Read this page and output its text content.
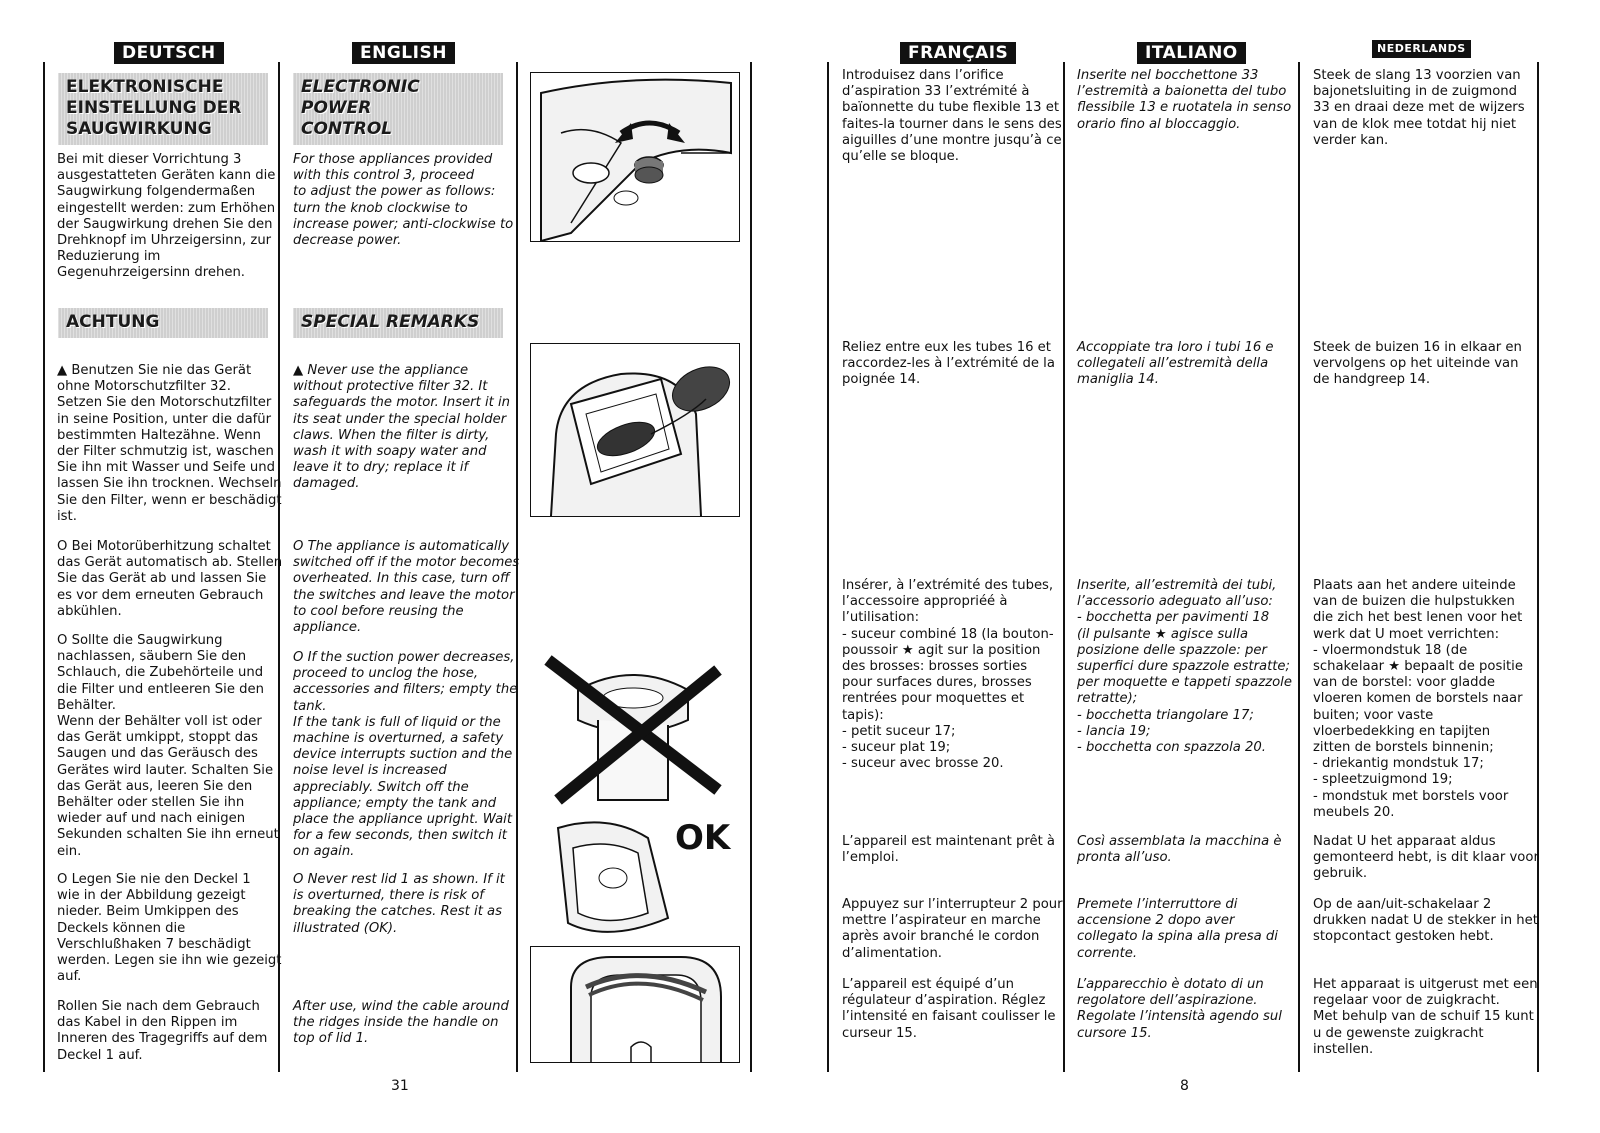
DEUTSCH
ELEKTRONISCHE
EINSTELLUNG DER
SAUGWIRKUNG
Bei mit dieser Vorrichtung 3
ausgestatteten Geräten kann die
Saugwirkung folgendermaßen
eingestellt werden: zum Erhöhen
der Saugwirkung drehen Sie den
Drehknopf im Uhrzeigersinn, zur
Reduzierung im
Gegenuhrzeigersinn drehen.
ACHTUNG
▲ Benutzen Sie nie das Gerät
ohne Motorschutzfilter 32.
Setzen Sie den Motorschutzfilter
in seine Position, unter die dafür
bestimmten Haltezähne. Wenn
der Filter schmutzig ist, waschen
Sie ihn mit Wasser und Seife und
lassen Sie ihn trocknen. Wechseln
Sie den Filter, wenn er beschädigt
ist.
O Bei Motorüberhitzung schaltet
das Gerät automatisch ab. Stellen
Sie das Gerät ab und lassen Sie
es vor dem erneuten Gebrauch
abkühlen.
O Sollte die Saugwirkung
nachlassen, säubern Sie den
Schlauch, die Zubehörteile und
die Filter und entleeren Sie den
Behälter.
Wenn der Behälter voll ist oder
das Gerät umkippt, stoppt das
Saugen und das Geräusch des
Gerätes wird lauter. Schalten Sie
das Gerät aus, leeren Sie den
Behälter oder stellen Sie ihn
wieder auf und nach einigen
Sekunden schalten Sie ihn erneut
ein.
O Legen Sie nie den Deckel 1
wie in der Abbildung gezeigt
nieder. Beim Umkippen des
Deckels können die
Verschlußhaken 7 beschädigt
werden. Legen sie ihn wie gezeigt
auf.
Rollen Sie nach dem Gebrauch
das Kabel in den Rippen im
Inneren des Tragegriffs auf dem
Deckel 1 auf.
ENGLISH
ELECTRONIC POWER
CONTROL
For those appliances provided
with this control 3, proceed
to adjust the power as follows:
turn the knob clockwise to
increase power; anti-clockwise to
decrease power.
SPECIAL REMARKS
▲ Never use the appliance
without protective filter 32. It
safeguards the motor. Insert it in
its seat under the special holder
claws. When the filter is dirty,
wash it with soapy water and
leave it to dry; replace it if
damaged.
O The appliance is automatically
switched off if the motor becomes
overheated. In this case, turn off
the switches and leave the motor
to cool before reusing the
appliance.
O If the suction power decreases,
proceed to unclog the hose,
accessories and filters; empty the
tank.
If the tank is full of liquid or the
machine is overturned, a safety
device interrupts suction and the
noise level is increased
appreciably. Switch off the
appliance; empty the tank and
place the appliance upright. Wait
for a few seconds, then switch it
on again.
O Never rest lid 1 as shown. If it
is overturned, there is risk of
breaking the catches. Rest it as
illustrated (OK).
After use, wind the cable around
the ridges inside the handle on
top of lid 1.
OK
31
FRANÇAIS
Introduisez dans l’orifice
d’aspiration 33 l’extrémité à
baïonnette du tube flexible 13 et
faites-la tourner dans le sens des
aiguilles d’une montre jusqu’à ce
qu’elle se bloque.
Reliez entre eux les tubes 16 et
raccordez-les à l’extrémité de la
poignée 14.
Insérer, à l’extrémité des tubes,
l’accessoire appropriéé à
l’utilisation:
- suceur combiné 18 (la bouton-
poussoir ★ agit sur la position
des brosses: brosses sorties
pour surfaces dures, brosses
rentrées pour moquettes et
tapis):
- petit suceur 17;
- suceur plat 19;
- suceur avec brosse 20.
L’appareil est maintenant prêt à
l’emploi.
Appuyez sur l’interrupteur 2 pour
mettre l’aspirateur en marche
après avoir branché le cordon
d’alimentation.
L’appareil est équipé d’un
régulateur d’aspiration. Réglez
l’intensité en faisant coulisser le
curseur 15.
ITALIANO
Inserite nel bocchettone 33
l’estremità a baionetta del tubo
flessibile 13 e ruotatela in senso
orario fino al bloccaggio.
Accoppiate tra loro i tubi 16 e
collegateli all’estremità della
maniglia 14.
Inserite, all’estremità dei tubi,
l’accessorio adeguato all’uso:
- bocchetta per pavimenti 18
(il pulsante ★ agisce sulla
posizione delle spazzole: per
superfici dure spazzole estratte;
per moquette e tappeti spazzole
retratte);
- bocchetta triangolare 17;
- lancia 19;
- bocchetta con spazzola 20.
Così assemblata la macchina è
pronta all’uso.
Premete l’interruttore di
accensione 2 dopo aver
collegato la spina alla presa di
corrente.
L’apparecchio è dotato di un
regolatore dell’aspirazione.
Regolate l’intensità agendo sul
cursore 15.
NEDERLANDS
Steek de slang 13 voorzien van
bajonetsluiting in de zuigmond
33 en draai deze met de wijzers
van de klok mee totdat hij niet
verder kan.
Steek de buizen 16 in elkaar en
vervolgens op het uiteinde van
de handgreep 14.
Plaats aan het andere uiteinde
van de buizen die hulpstukken
die zich het best lenen voor het
werk dat U moet verrichten:
- vloermondstuk 18 (de
schakelaar ★ bepaalt de positie
van de borstel: voor gladde
vloeren komen de borstels naar
buiten; voor vaste
vloerbedekking en tapijten
zitten de borstels binnenin;
- driekantig mondstuk 17;
- spleetzuigmond 19;
- mondstuk met borstels voor
meubels 20.
Nadat U het apparaat aldus
gemonteerd hebt, is dit klaar voor
gebruik.
Op de aan/uit-schakelaar 2
drukken nadat U de stekker in het
stopcontact gestoken hebt.
Het apparaat is uitgerust met een
regelaar voor de zuigkracht.
Met behulp van de schuif 15 kunt
u de gewenste zuigkracht
instellen.
8
